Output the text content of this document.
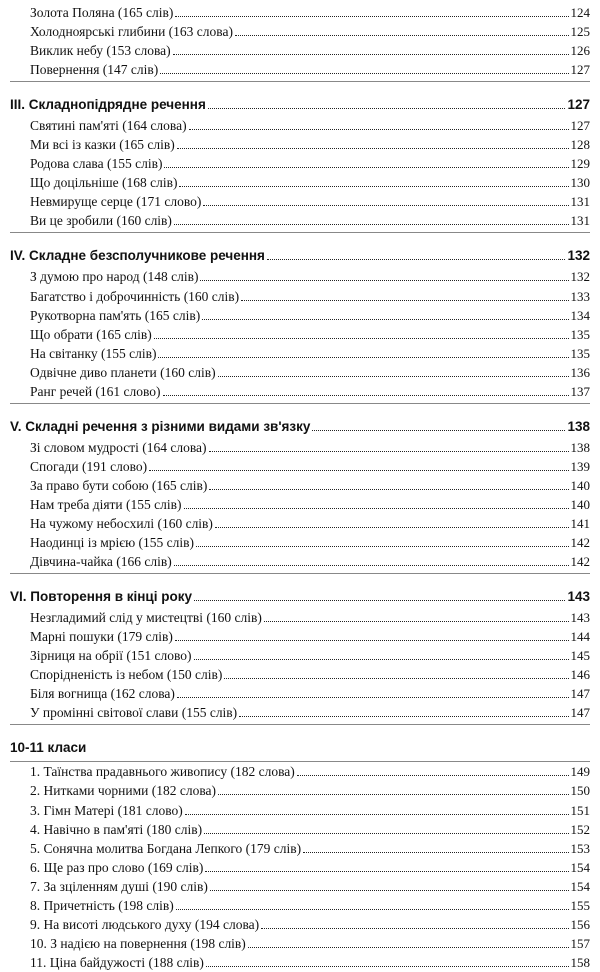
Золота Поляна (165 слів)	124
Холодноярські глибини (163 слова)	125
Виклик небу (153 слова)	126
Повернення (147 слів)	127
III. Складнопідрядне речення	127
Святині пам'яті (164 слова)	127
Ми всі із казки (165 слів)	128
Родова слава (155 слів)	129
Що доцільніше (168 слів)	130
Невмируще серце (171 слово)	131
Ви це зробили (160 слів)	131
IV. Складне безсполучникове речення	132
З думою про народ (148 слів)	132
Багатство і доброчинність (160 слів)	133
Рукотворна пам'ять (165 слів)	134
Що обрати (165 слів)	135
На світанку (155 слів)	135
Одвічне диво планети (160 слів)	136
Ранг речей (161 слово)	137
V. Складні речення з різними видами зв'язку	138
Зі словом мудрості (164 слова)	138
Спогади (191 слово)	139
За право бути собою (165 слів)	140
Нам треба діяти (155 слів)	140
На чужому небосхилі (160 слів)	141
Наодинці із мрією (155 слів)	142
Дівчина-чайка (166 слів)	142
VI. Повторення в кінці року	143
Незгладимий слід у мистецтві (160 слів)	143
Марні пошуки (179 слів)	144
Зірниця на обрії (151 слово)	145
Спорідненість із небом (150 слів)	146
Біля вогнища (162 слова)	147
У промінні світової слави (155 слів)	147
10-11 класи
1. Таїнства прадавнього живопису (182 слова)	149
2. Нитками чорними (182 слова)	150
3. Гімн Матері (181 слово)	151
4. Навічно в пам'яті (180 слів)	152
5. Сонячна молитва Богдана Лепкого (179 слів)	153
6. Ще раз про слово (169 слів)	154
7. За зціленням душі (190 слів)	154
8. Причетність (198 слів)	155
9. На висоті людського духу (194 слова)	156
10. З надією на повернення (198 слів)	157
11. Ціна байдужості (188 слів)	158
